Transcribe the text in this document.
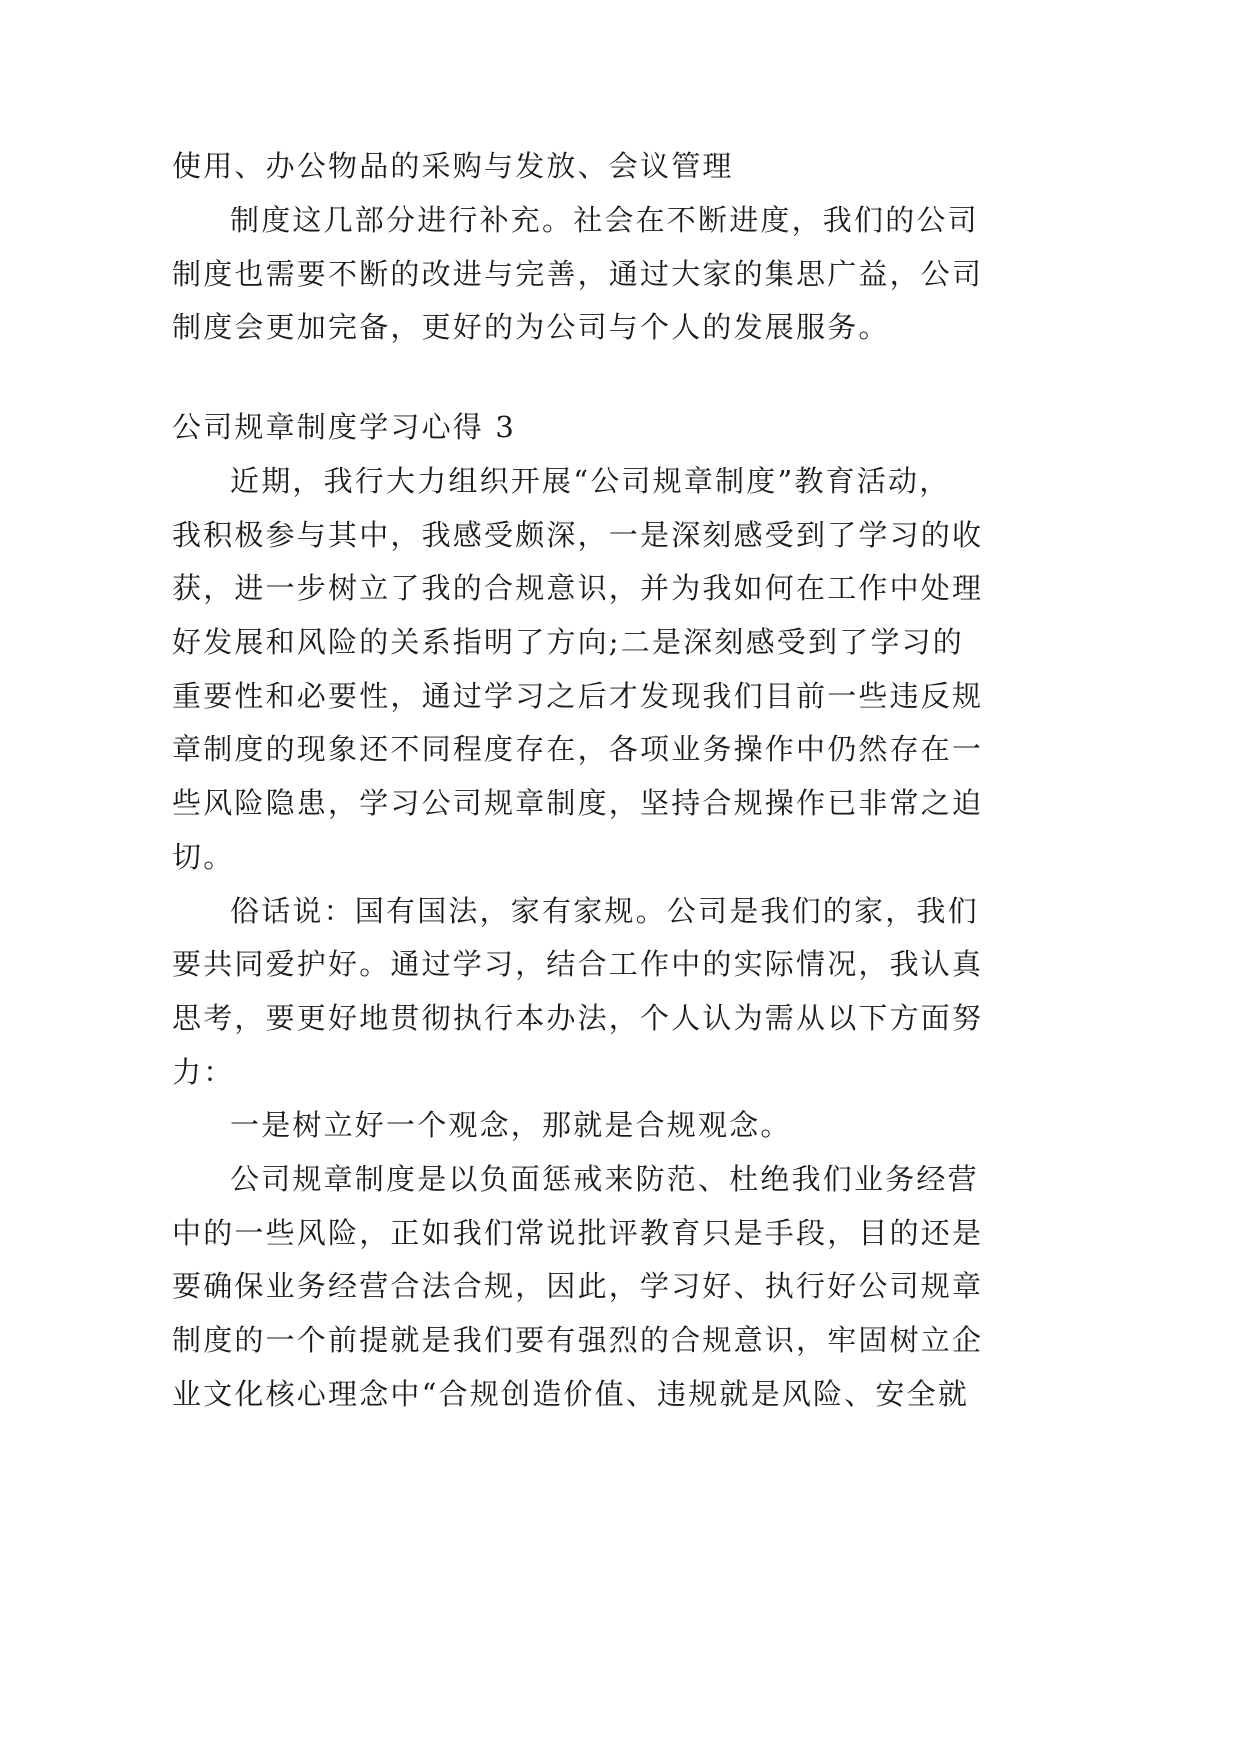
使用、办公物品的采购与发放、会议管理
制度这几部分进行补充。社会在不断进度，我们的公司
制度也需要不断的改进与完善，通过大家的集思广益，公司
制度会更加完备，更好的为公司与个人的发展服务。
公司规章制度学习心得 3
近期，我行大力组织开展“公司规章制度”教育活动，
我积极参与其中，我感受颇深，一是深刻感受到了学习的收
获，进一步树立了我的合规意识，并为我如何在工作中处理
好发展和风险的关系指明了方向;二是深刻感受到了学习的
重要性和必要性，通过学习之后才发现我们目前一些违反规
章制度的现象还不同程度存在，各项业务操作中仍然存在一
些风险隐患，学习公司规章制度，坚持合规操作已非常之迫
切。
俗话说：国有国法，家有家规。公司是我们的家，我们
要共同爱护好。通过学习，结合工作中的实际情况，我认真
思考，要更好地贯彻执行本办法，个人认为需从以下方面努
力：
一是树立好一个观念，那就是合规观念。
公司规章制度是以负面惩戒来防范、杜绝我们业务经营
中的一些风险，正如我们常说批评教育只是手段，目的还是
要确保业务经营合法合规，因此，学习好、执行好公司规章
制度的一个前提就是我们要有强烈的合规意识，牢固树立企
业文化核心理念中“合规创造价值、违规就是风险、安全就
